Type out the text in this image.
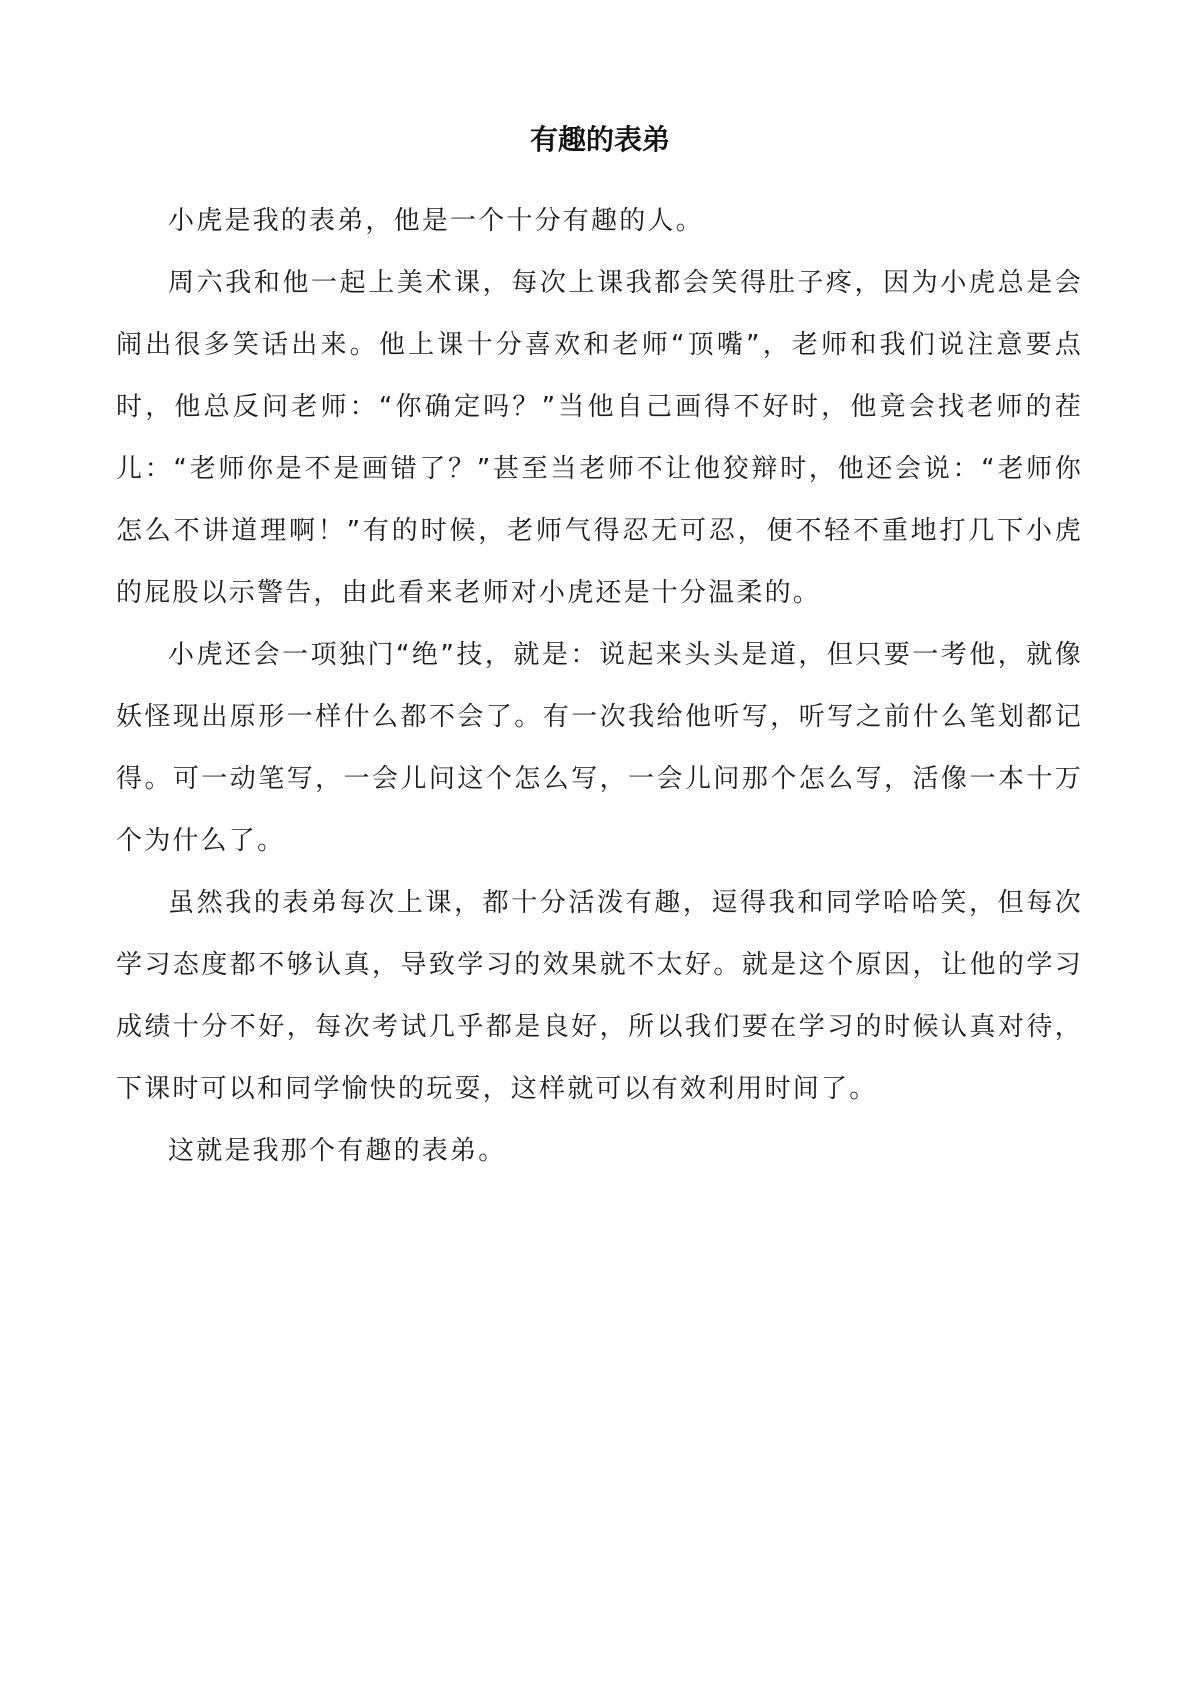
有趣的表弟

小虎是我的表弟，他是一个十分有趣的人。

周六我和他一起上美术课，每次上课我都会笑得肚子疼，因为小虎总是会闹出很多笑话出来。他上课十分喜欢和老师“顶嘴”，老师和我们说注意要点时，他总反问老师：“你确定吗？”当他自己画得不好时，他竟会找老师的茬儿：“老师你是不是画错了？”甚至当老师不让他狡辩时，他还会说：“老师你怎么不讲道理啊！”有的时候，老师气得忍无可忍，便不轻不重地打几下小虎的屁股以示警告，由此看来老师对小虎还是十分温柔的。

小虎还会一项独门“绝”技，就是：说起来头头是道，但只要一考他，就像妖怪现出原形一样什么都不会了。有一次我给他听写，听写之前什么笔划都记得。可一动笔写，一会儿问这个怎么写，一会儿问那个怎么写，活像一本十万个为什么了。

虽然我的表弟每次上课，都十分活泼有趣，逗得我和同学哈哈笑，但每次学习态度都不够认真，导致学习的效果就不太好。就是这个原因，让他的学习成绩十分不好，每次考试几乎都是良好，所以我们要在学习的时候认真对待，下课时可以和同学愉快的玩耍，这样就可以有效利用时间了。

这就是我那个有趣的表弟。
